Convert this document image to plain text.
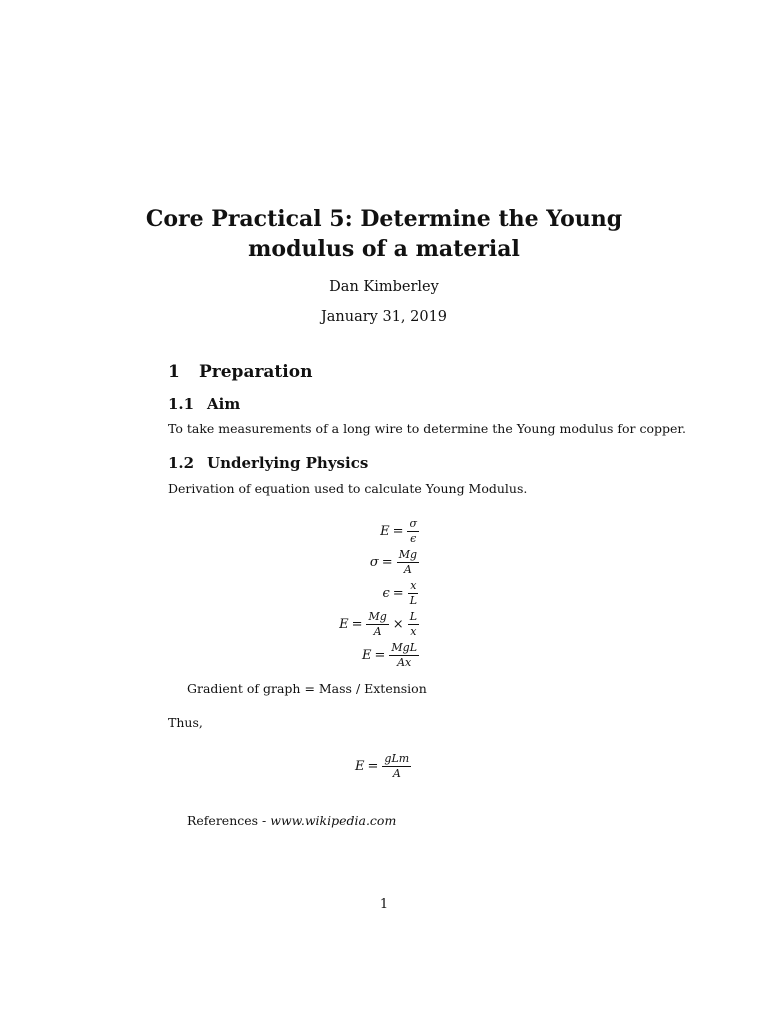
Core Practical 5: Determine the Young
modulus of a material
Dan Kimberley
January 31, 2019
1 Preparation
1.1 Aim
To take measurements of a long wire to determine the Young modulus for copper.
1.2 Underlying Physics
Derivation of equation used to calculate Young Modulus.
$E = \frac{\sigma}{\epsilon}$
$\sigma = \frac{Mg}{A}$
$\epsilon = \frac{x}{L}$
$E = \frac{Mg}{A} \times \frac{L}{x}$
$E = \frac{\text{MgL}}{Ax}$
Gradient of graph = Mass / Extension
Thus,
$E = \frac{\text{gLm}}{A}$
References - www.wikipedia.com
1
